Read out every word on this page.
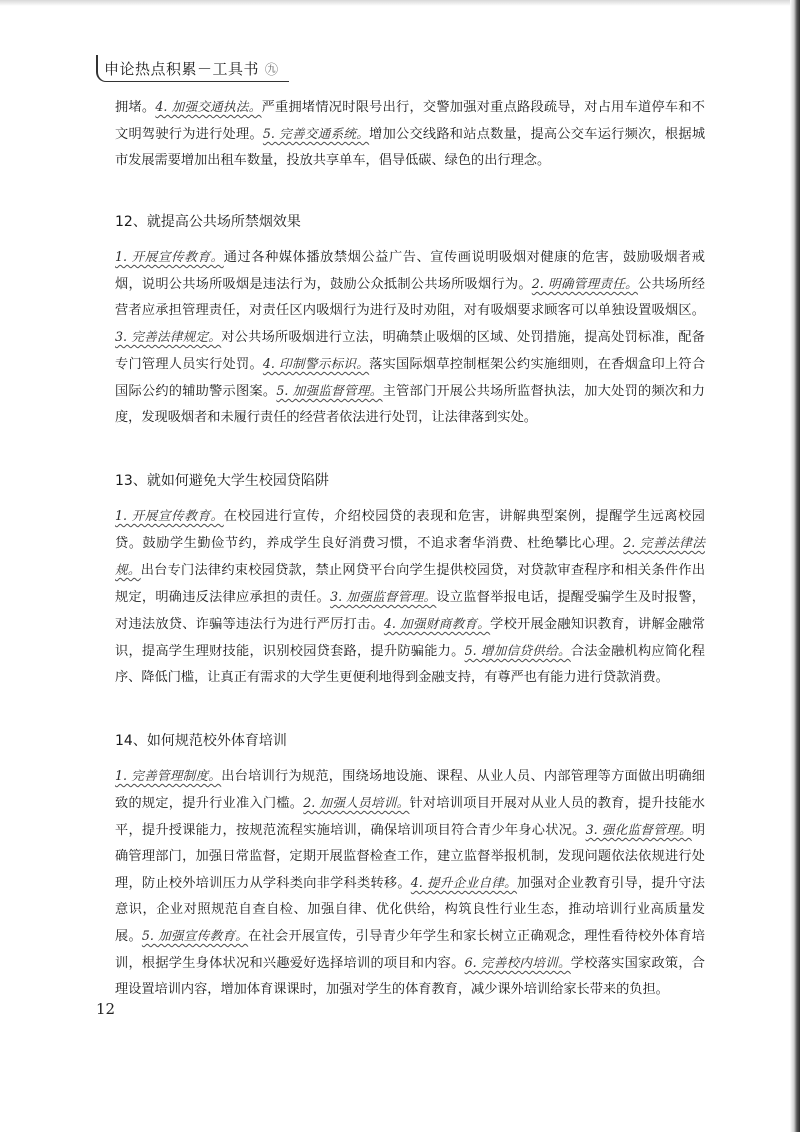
申论热点积累－工具书 ㊈

拥堵。4. 加强交通执法。严重拥堵情况时限号出行，交警加强对重点路段疏导，对占用车道停车和不文明驾驶行为进行处理。5. 完善交通系统。增加公交线路和站点数量，提高公交车运行频次，根据城市发展需要增加出租车数量，投放共享单车，倡导低碳、绿色的出行理念。

12、就提高公共场所禁烟效果

1. 开展宣传教育。通过各种媒体播放禁烟公益广告、宣传画说明吸烟对健康的危害，鼓励吸烟者戒烟，说明公共场所吸烟是违法行为，鼓励公众抵制公共场所吸烟行为。2. 明确管理责任。公共场所经营者应承担管理责任，对责任区内吸烟行为进行及时劝阻，对有吸烟要求顾客可以单独设置吸烟区。3. 完善法律规定。对公共场所吸烟进行立法，明确禁止吸烟的区域、处罚措施，提高处罚标准，配备专门管理人员实行处罚。4. 印制警示标识。落实国际烟草控制框架公约实施细则，在香烟盒印上符合国际公约的辅助警示图案。5. 加强监督管理。主管部门开展公共场所监督执法，加大处罚的频次和力度，发现吸烟者和未履行责任的经营者依法进行处罚，让法律落到实处。

13、就如何避免大学生校园贷陷阱

1. 开展宣传教育。在校园进行宣传，介绍校园贷的表现和危害，讲解典型案例，提醒学生远离校园贷。鼓励学生勤俭节约，养成学生良好消费习惯，不追求奢华消费、杜绝攀比心理。2. 完善法律法规。出台专门法律约束校园贷款，禁止网贷平台向学生提供校园贷，对贷款审查程序和相关条件作出规定，明确违反法律应承担的责任。3. 加强监督管理。设立监督举报电话，提醒受骗学生及时报警，对违法放贷、诈骗等违法行为进行严厉打击。4. 加强财商教育。学校开展金融知识教育，讲解金融常识，提高学生理财技能，识别校园贷套路，提升防骗能力。5. 增加信贷供给。合法金融机构应简化程序、降低门槛，让真正有需求的大学生更便利地得到金融支持，有尊严也有能力进行贷款消费。

14、如何规范校外体育培训

1. 完善管理制度。出台培训行为规范，围绕场地设施、课程、从业人员、内部管理等方面做出明确细致的规定，提升行业准入门槛。2. 加强人员培训。针对培训项目开展对从业人员的教育，提升技能水平，提升授课能力，按规范流程实施培训，确保培训项目符合青少年身心状况。3. 强化监督管理。明确管理部门，加强日常监督，定期开展监督检查工作，建立监督举报机制，发现问题依法依规进行处理，防止校外培训压力从学科类向非学科类转移。4. 提升企业自律。加强对企业教育引导，提升守法意识，企业对照规范自查自检、加强自律、优化供给，构筑良性行业生态，推动培训行业高质量发展。5. 加强宣传教育。在社会开展宣传，引导青少年学生和家长树立正确观念，理性看待校外体育培训，根据学生身体状况和兴趣爱好选择培训的项目和内容。6. 完善校内培训。学校落实国家政策，合理设置培训内容，增加体育课课时，加强对学生的体育教育，减少课外培训给家长带来的负担。

12
